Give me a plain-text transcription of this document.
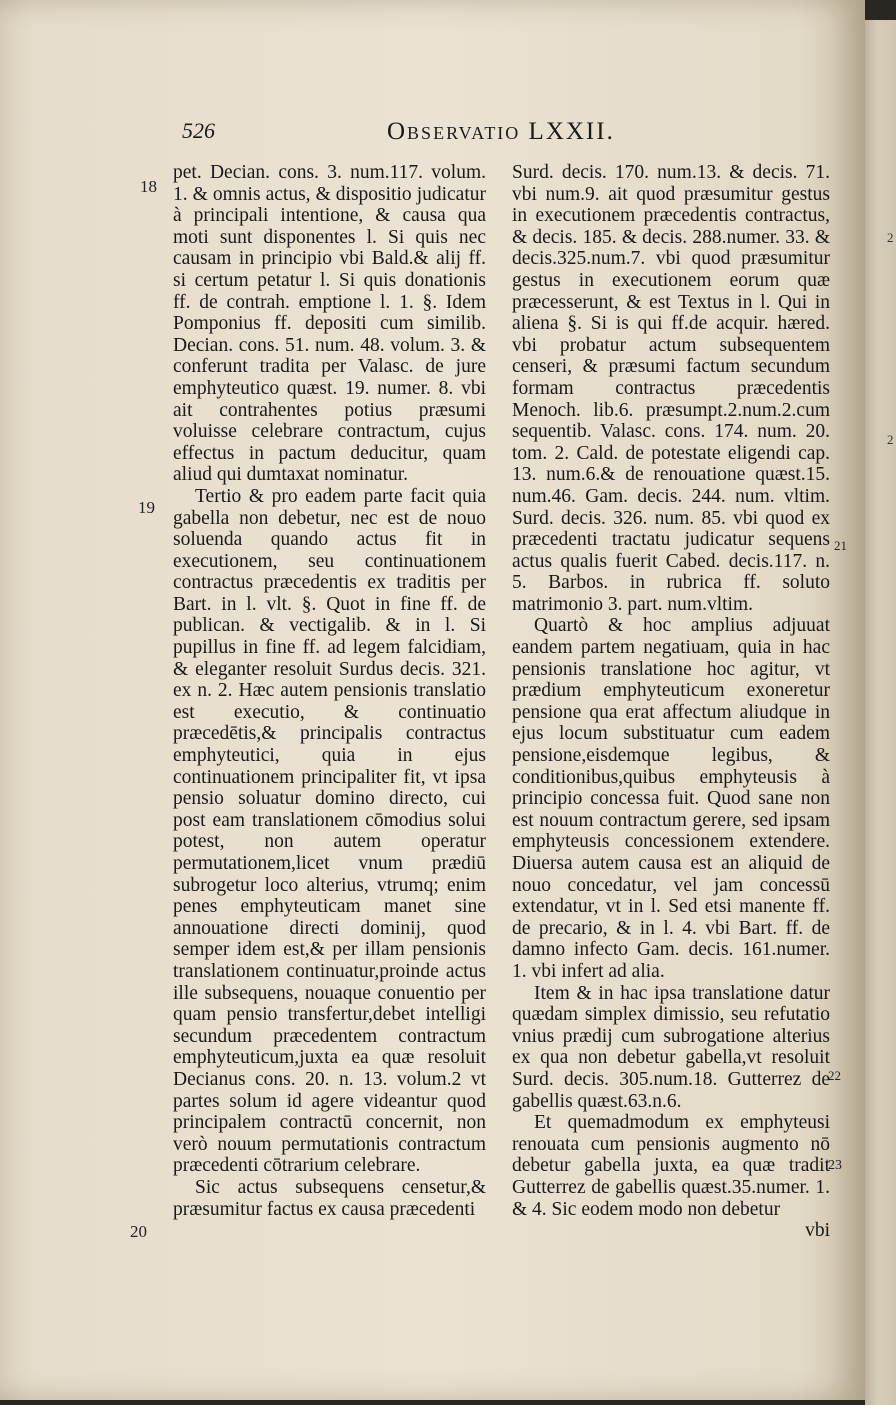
526	Observatio LXXII.
18
19
20
21
22
23

pet. Decian. cons. 3. num.117. volum. 1. & omnis actus, & dispositio judicatur à principali intentione, & causa qua moti sunt disponentes l. Si quis nec causam in principio vbi Bald.& alij ff. si certum petatur l. Si quis donationis ff. de contrah. emptione l. 1. §. Idem Pomponius ff. depositi cum similib. Decian. cons. 51. num. 48. volum. 3. & conferunt tradita per Valasc. de jure emphyteutico quæst. 19. numer. 8. vbi ait contrahentes potius præsumi voluisse celebrare contractum, cujus effectus in pactum deducitur, quam aliud qui dumtaxat nominatur.

Tertio & pro eadem parte facit quia gabella non debetur, nec est de nouo soluenda quando actus fit in executionem, seu continuationem contractus præcedentis ex traditis per Bart. in l. vlt. §. Quot in fine ff. de publican. & vectigalib. & in l. Si pupillus in fine ff. ad legem falcidiam, & eleganter resoluit Surdus decis. 321. ex n. 2. Hæc autem pensionis translatio est executio, & continuatio præcedētis,& principalis contractus emphyteutici, quia in ejus continuationem principaliter fit, vt ipsa pensio soluatur domino directo, cui post eam translationem cōmodius solui potest, non autem operatur permutationem,licet vnum prædiū subrogetur loco alterius, vtrumq; enim penes emphyteuticam manet sine annouatione directi dominij, quod semper idem est,& per illam pensionis translationem continuatur,proinde actus ille subsequens, nouaque conuentio per quam pensio transfertur,debet intelligi secundum præcedentem contractum emphyteuticum,juxta ea quæ resoluit Decianus cons. 20. n. 13. volum.2 vt partes solum id agere videantur quod principalem contractū concernit, non verò nouum permutationis contractum præcedenti cōtrarium celebrare.

Sic actus subsequens censetur,& præsumitur factus ex causa præcedenti

Surd. decis. 170. num.13. & decis. 71. vbi num.9. ait quod præsumitur gestus in executionem præcedentis contractus, & decis. 185. & decis. 288.numer. 33. & decis.325.num.7. vbi quod præsumitur gestus in executionem eorum quæ præcesserunt, & est Textus in l. Qui in aliena §. Si is qui ff.de acquir. hæred. vbi probatur actum subsequentem censeri, & præsumi factum secundum formam contractus præcedentis Menoch. lib.6. præsumpt.2.num.2.cum sequentib. Valasc. cons. 174. num. 20. tom. 2. Cald. de potestate eligendi cap. 13. num.6.& de renouatione quæst.15. num.46. Gam. decis. 244. num. vltim. Surd. decis. 326. num. 85. vbi quod ex præcedenti tractatu judicatur sequens actus qualis fuerit Cabed. decis.117. n. 5. Barbos. in rubrica ff. soluto matrimonio 3. part. num.vltim.

Quartò & hoc amplius adjuuat eandem partem negatiuam, quia in hac pensionis translatione hoc agitur, vt prædium emphyteuticum exoneretur pensione qua erat affectum aliudque in ejus locum substituatur cum eadem pensione,eisdemque legibus, & conditionibus,quibus emphyteusis à principio concessa fuit. Quod sane non est nouum contractum gerere, sed ipsam emphyteusis concessionem extendere. Diuersa autem causa est an aliquid de nouo concedatur, vel jam concessū extendatur, vt in l. Sed etsi manente ff. de precario, & in l. 4. vbi Bart. ff. de damno infecto Gam. decis. 161.numer. 1. vbi infert ad alia.

Item & in hac ipsa translatione datur quædam simplex dimissio, seu refutatio vnius prædij cum subrogatione alterius ex qua non debetur gabella,vt resoluit Surd. decis. 305.num.18. Gutterrez de gabellis quæst.63.n.6.

Et quemadmodum ex emphyteusi renouata cum pensionis augmento nō debetur gabella juxta, ea quæ tradit Gutterrez de gabellis quæst.35.numer. 1. & 4. Sic eodem modo non debetur

vbi

2
2
